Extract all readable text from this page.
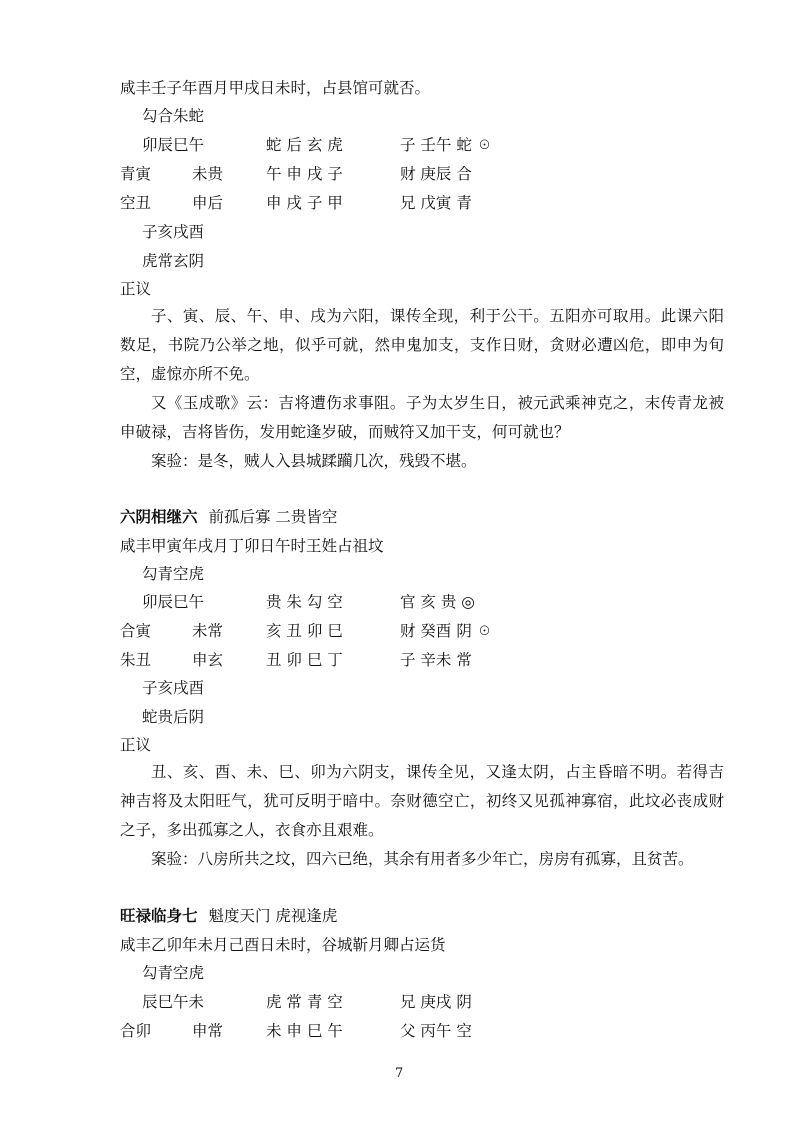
咸丰壬子年酉月甲戌日未时，占县馆可就否。
勾合朱蛇
卯辰巳午	蛇 后 玄 虎	子 壬午 蛇 ☉
青寅	未贵	午 申 戌 子	财 庚辰 合
空丑	申后	申 戌 子 甲	兄 戊寅 青
子亥戌酉
虎常玄阴
正议
子、寅、辰、午、申、戌为六阳，课传全现，利于公干。五阳亦可取用。此课六阳数足，书院乃公举之地，似乎可就，然申鬼加支，支作日财，贪财必遭凶危，即申为旬空，虚惊亦所不免。
又《玉成歌》云：吉将遭伤求事阻。子为太岁生日，被元武乘神克之，末传青龙被申破禄，吉将皆伤，发用蛇逢岁破，而贼符又加干支，何可就也？
案验：是冬，贼人入县城蹂躏几次，残毁不堪。
六阴相继六 前孤后寡 二贵皆空
咸丰甲寅年戌月丁卯日午时王姓占祖坟
勾青空虎
卯辰巳午	贵 朱 勾 空	官 亥 贵 ◎
合寅	未常	亥 丑 卯 巳	财 癸酉 阴 ☉
朱丑	申玄	丑 卯 巳 丁	子 辛未 常
子亥戌酉
蛇贵后阴
正议
丑、亥、酉、未、巳、卯为六阴支，课传全见，又逢太阴，占主昏暗不明。若得吉神吉将及太阳旺气，犹可反明于暗中。奈财德空亡，初终又见孤神寡宿，此坟必丧成财之子，多出孤寡之人，衣食亦且艰难。
案验：八房所共之坟，四六已绝，其余有用者多少年亡，房房有孤寡，且贫苦。
旺禄临身七 魁度天门 虎视逢虎
咸丰乙卯年未月己酉日未时，谷城靳月卿占运货
勾青空虎
辰巳午未	虎 常 青 空	兄 庚戌 阴
合卯	申常	未 申 巳 午	父 丙午 空
7
